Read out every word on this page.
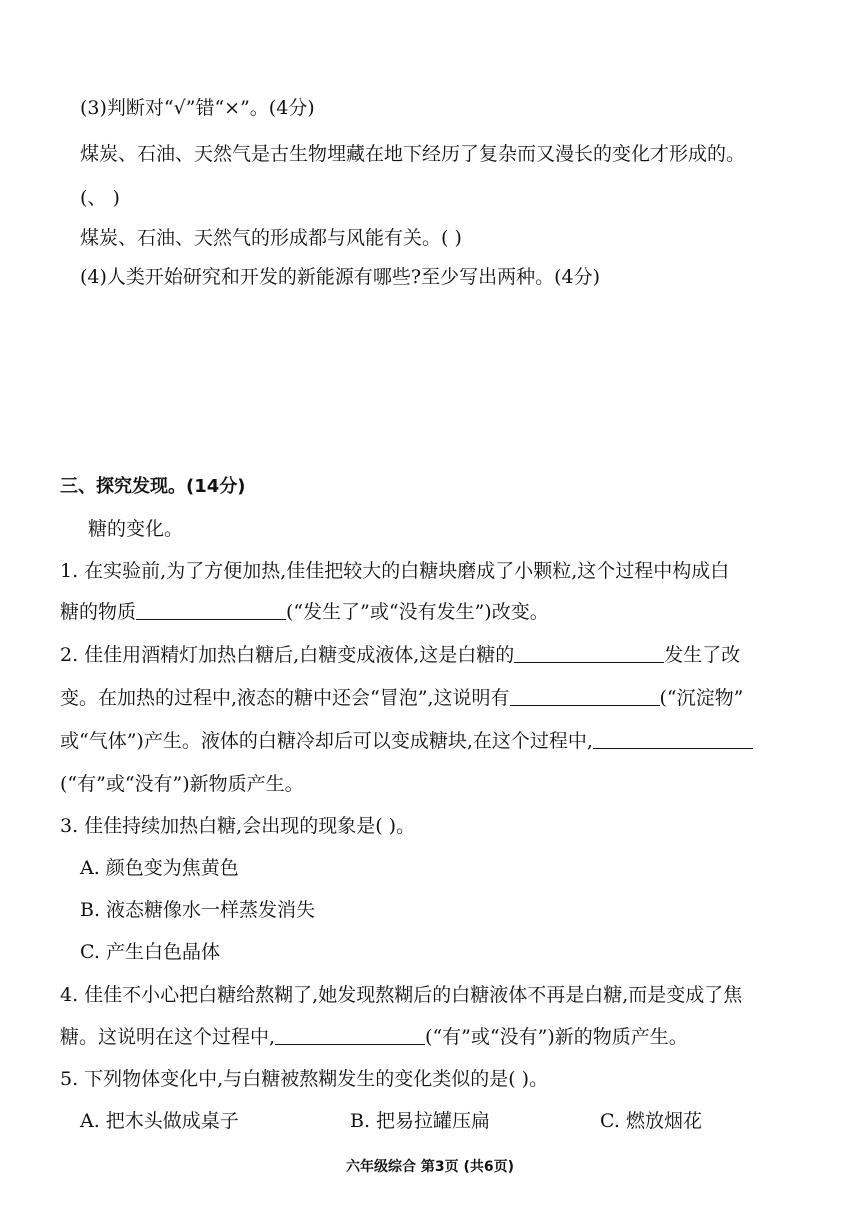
(3)判断对“√”错“×”。(4分)
煤炭、石油、天然气是古生物埋藏在地下经历了复杂而又漫长的变化才形成的。
(、 )
煤炭、石油、天然气的形成都与风能有关。( )
(4)人类开始研究和开发的新能源有哪些?至少写出两种。(4分)
三、探究发现。(14分)
糖的变化。
1. 在实验前,为了方便加热,佳佳把较大的白糖块磨成了小颗粒,这个过程中构成白
糖的物质	(“发生了”或“没有发生”)改变。
2. 佳佳用酒精灯加热白糖后,白糖变成液体,这是白糖的	发生了改
变。在加热的过程中,液态的糖中还会“冒泡”,这说明有	(“沉淀物”
或“气体”)产生。液体的白糖冷却后可以变成糖块,在这个过程中,
(“有”或“没有”)新物质产生。
3. 佳佳持续加热白糖,会出现的现象是( )。
A. 颜色变为焦黄色
B. 液态糖像水一样蒸发消失
C. 产生白色晶体
4. 佳佳不小心把白糖给熬糊了,她发现熬糊后的白糖液体不再是白糖,而是变成了焦
糖。这说明在这个过程中,	(“有”或“没有”)新的物质产生。
5. 下列物体变化中,与白糖被熬糊发生的变化类似的是( )。
A. 把木头做成桌子	B. 把易拉罐压扁	C. 燃放烟花
六年级综合 第3页 (共6页)
